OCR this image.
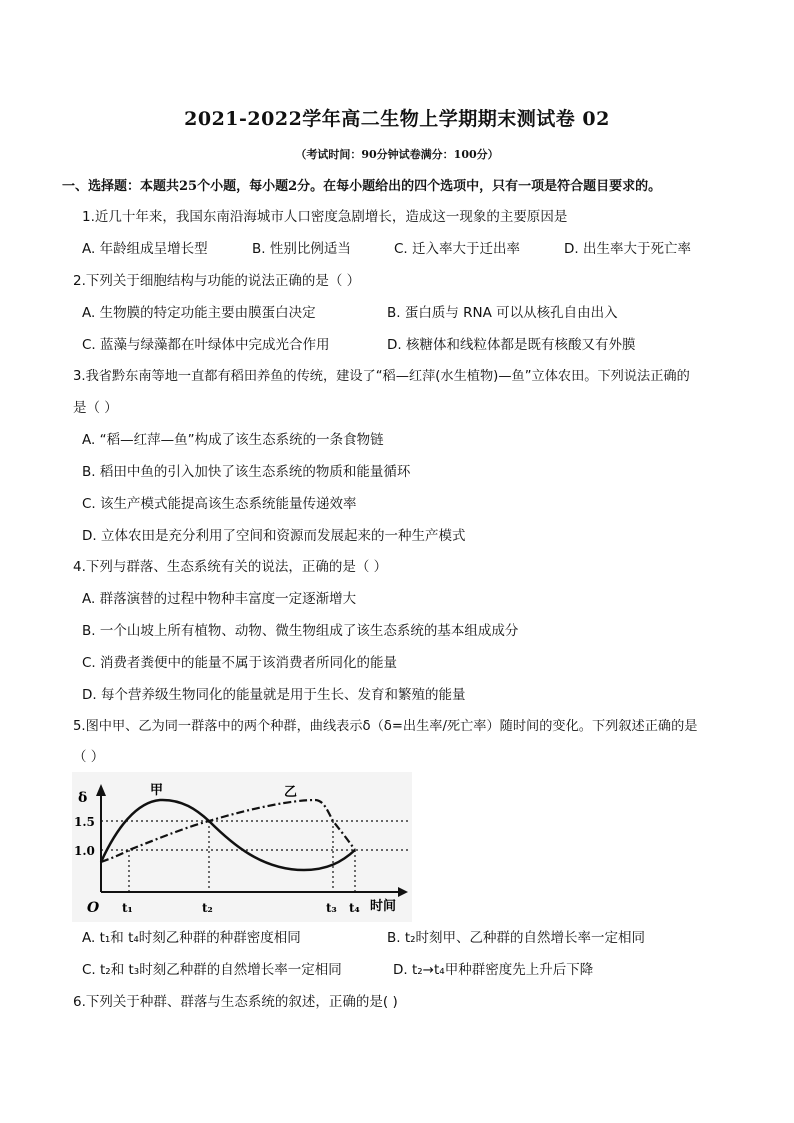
2021-2022学年高二生物上学期期末测试卷 02
（考试时间：90分钟试卷满分：100分）
一、选择题：本题共25个小题，每小题2分。在每小题给出的四个选项中，只有一项是符合题目要求的。
1.近几十年来，我国东南沿海城市人口密度急剧增长，造成这一现象的主要原因是
A. 年龄组成呈增长型	B. 性别比例适当	C. 迁入率大于迁出率	D. 出生率大于死亡率
2.下列关于细胞结构与功能的说法正确的是（ ）
A. 生物膜的特定功能主要由膜蛋白决定	B. 蛋白质与 RNA 可以从核孔自由出入
C. 蓝藻与绿藻都在叶绿体中完成光合作用	D. 核糖体和线粒体都是既有核酸又有外膜
3.我省黔东南等地一直都有稻田养鱼的传统，建设了“稻—红萍(水生植物)—鱼”立体农田。下列说法正确的
是（ ）
A. “稻—红萍—鱼”构成了该生态系统的一条食物链
B. 稻田中鱼的引入加快了该生态系统的物质和能量循环
C. 该生产模式能提高该生态系统能量传递效率
D. 立体农田是充分利用了空间和资源而发展起来的一种生产模式
4.下列与群落、生态系统有关的说法，正确的是（ ）
A. 群落演替的过程中物种丰富度一定逐渐增大
B. 一个山坡上所有植物、动物、微生物组成了该生态系统的基本组成成分
C. 消费者粪便中的能量不属于该消费者所同化的能量
D. 每个营养级生物同化的能量就是用于生长、发育和繁殖的能量
5.图中甲、乙为同一群落中的两个种群，曲线表示δ（δ=出生率/死亡率）随时间的变化。下列叙述正确的是
（ ）
δ
1.5
1.0
O
甲	乙
t₁	t₂	t₃ t₄ 时间
A. t₁和 t₄时刻乙种群的种群密度相同	B. t₂时刻甲、乙种群的自然增长率一定相同
C. t₂和 t₃时刻乙种群的自然增长率一定相同	D. t₂→t₄甲种群密度先上升后下降
6.下列关于种群、群落与生态系统的叙述，正确的是( )
